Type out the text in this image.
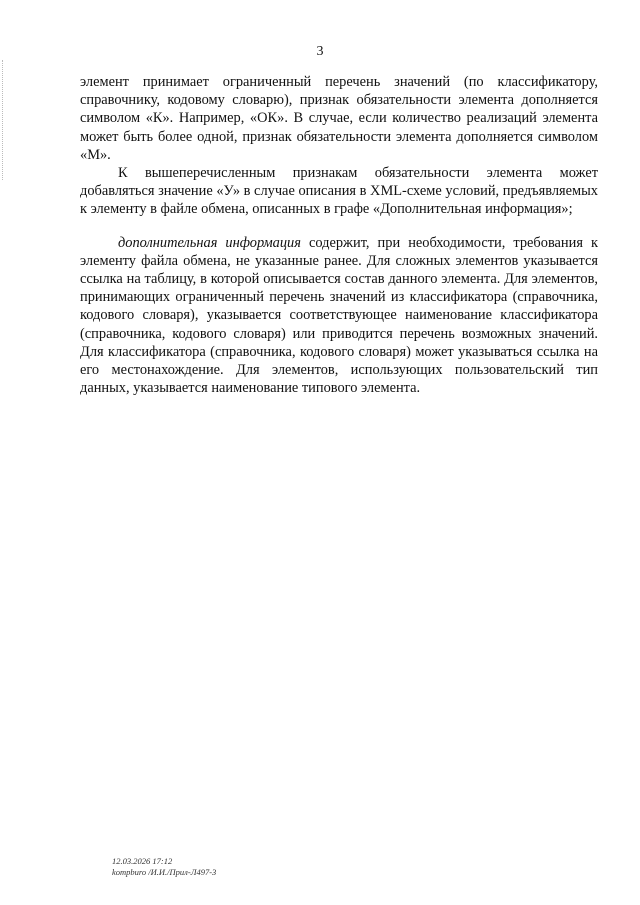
3

элемент принимает ограниченный перечень значений (по классификатору, справочнику, кодовому словарю), признак обязательности элемента дополняется символом «К». Например, «ОК». В случае, если количество реализаций элемента может быть более одной, признак обязательности элемента дополняется символом «М».

К вышеперечисленным признакам обязательности элемента может добавляться значение «У» в случае описания в XML-схеме условий, предъявляемых к элементу в файле обмена, описанных в графе «Дополнительная информация»;

дополнительная информация содержит, при необходимости, требования к элементу файла обмена, не указанные ранее. Для сложных элементов указывается ссылка на таблицу, в которой описывается состав данного элемента. Для элементов, принимающих ограниченный перечень значений из классификатора (справочника, кодового словаря), указывается соответствующее наименование классификатора (справочника, кодового словаря) или приводится перечень возможных значений. Для классификатора (справочника, кодового словаря) может указываться ссылка на его местонахождение. Для элементов, использующих пользовательский тип данных, указывается наименование типового элемента.

12.03.2026 17:12
kompburo /И.И./Прил-Л497-3
